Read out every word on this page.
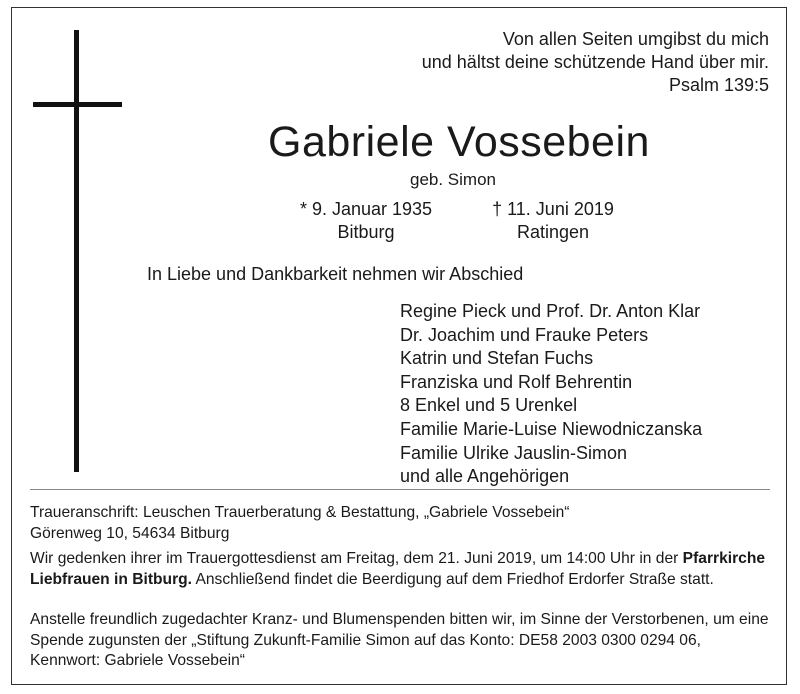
Von allen Seiten umgibst du mich
und hältst deine schützende Hand über mir.
Psalm 139:5
Gabriele Vossebein
geb. Simon
* 9. Januar 1935
Bitburg
† 11. Juni 2019
Ratingen
In Liebe und Dankbarkeit nehmen wir Abschied
Regine Pieck und Prof. Dr. Anton Klar
Dr. Joachim und Frauke Peters
Katrin und Stefan Fuchs
Franziska und Rolf Behrentin
8 Enkel und 5 Urenkel
Familie Marie-Luise Niewodniczanska
Familie Ulrike Jauslin-Simon
und alle Angehörigen
Traueranschrift: Leuschen Trauerberatung & Bestattung, „Gabriele Vossebein“
Görenweg 10, 54634 Bitburg
Wir gedenken ihrer im Trauergottesdienst am Freitag, dem 21. Juni 2019, um 14:00 Uhr in der Pfarrkirche Liebfrauen in Bitburg. Anschließend findet die Beerdigung auf dem Friedhof Erdorfer Straße statt.
Anstelle freundlich zugedachter Kranz- und Blumenspenden bitten wir, im Sinne der Verstorbenen, um eine Spende zugunsten der „Stiftung Zukunft-Familie Simon auf das Konto: DE58 2003 0300 0294 06, Kennwort: Gabriele Vossebein“
